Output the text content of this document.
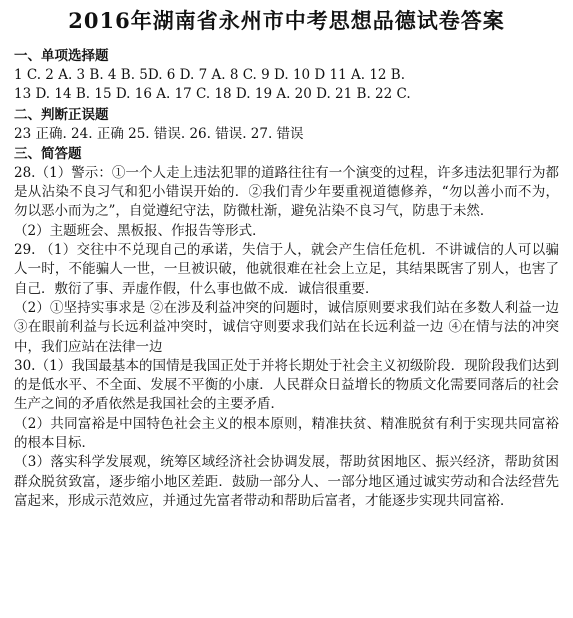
2016年湖南省永州市中考思想品德试卷答案
一、单项选择题
1 C. 2 A. 3 B. 4 B. 5D. 6 D. 7 A. 8 C. 9 D. 10 D 11 A. 12 B.
13 D. 14 B. 15 D. 16 A. 17 C. 18 D. 19 A. 20 D. 21 B. 22 C.
二、判断正误题
23 正确. 24. 正确 25. 错误. 26. 错误. 27. 错误
三、简答题
28.（1）警示：①一个人走上违法犯罪的道路往往有一个演变的过程，许多违法犯罪行为都是从沾染不良习气和犯小错误开始的．②我们青少年要重视道德修养，“勿以善小而不为，勿以恶小而为之”，自觉遵纪守法，防微杜渐，避免沾染不良习气，防患于未然．
（2）主题班会、黑板报、作报告等形式．
29. （1）交往中不兑现自己的承诺，失信于人，就会产生信任危机．不讲诚信的人可以骗人一时，不能骗人一世，一旦被识破，他就很难在社会上立足，其结果既害了别人，也害了自己．敷衍了事、弄虚作假，什么事也做不成．诚信很重要．
（2）①坚持实事求是 ②在涉及利益冲突的问题时，诚信原则要求我们站在多数人利益一边 ③在眼前利益与长远利益冲突时，诚信守则要求我们站在长远利益一边 ④在情与法的冲突中，我们应站在法律一边
30.（1）我国最基本的国情是我国正处于并将长期处于社会主义初级阶段．现阶段我们达到的是低水平、不全面、发展不平衡的小康．人民群众日益增长的物质文化需要同落后的社会生产之间的矛盾依然是我国社会的主要矛盾．
（2）共同富裕是中国特色社会主义的根本原则，精准扶贫、精准脱贫有利于实现共同富裕的根本目标．
（3）落实科学发展观，统筹区域经济社会协调发展，帮助贫困地区、振兴经济，帮助贫困群众脱贫致富，逐步缩小地区差距．鼓励一部分人、一部分地区通过诚实劳动和合法经营先富起来，形成示范效应，并通过先富者带动和帮助后富者，才能逐步实现共同富裕．
